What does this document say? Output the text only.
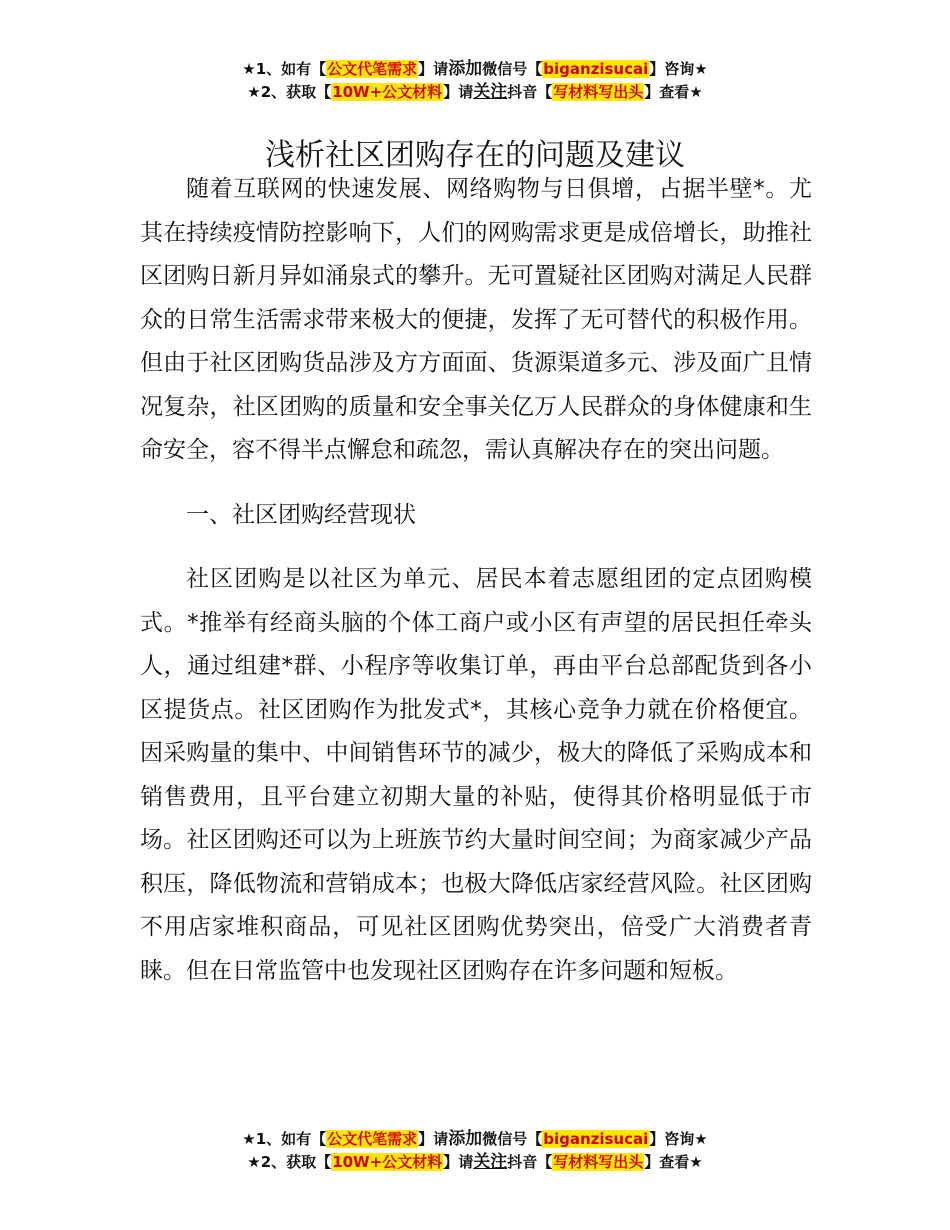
★1、如有【公文代笔需求】请添加微信号【biganzisucai】咨询★
★2、获取【10W+公文材料】请关注抖音【写材料写出头】查看★
浅析社区团购存在的问题及建议

随着互联网的快速发展、网络购物与日俱增，占据半壁*。尤其在持续疫情防控影响下，人们的网购需求更是成倍增长，助推社区团购日新月异如涌泉式的攀升。无可置疑社区团购对满足人民群众的日常生活需求带来极大的便捷，发挥了无可替代的积极作用。但由于社区团购货品涉及方方面面、货源渠道多元、涉及面广且情况复杂，社区团购的质量和安全事关亿万人民群众的身体健康和生命安全，容不得半点懈怠和疏忽，需认真解决存在的突出问题。

一、社区团购经营现状

社区团购是以社区为单元、居民本着志愿组团的定点团购模式。*推举有经商头脑的个体工商户或小区有声望的居民担任牵头人，通过组建*群、小程序等收集订单，再由平台总部配货到各小区提货点。社区团购作为批发式*，其核心竞争力就在价格便宜。因采购量的集中、中间销售环节的减少，极大的降低了采购成本和销售费用，且平台建立初期大量的补贴，使得其价格明显低于市场。社区团购还可以为上班族节约大量时间空间；为商家减少产品积压，降低物流和营销成本；也极大降低店家经营风险。社区团购不用店家堆积商品，可见社区团购优势突出，倍受广大消费者青睐。但在日常监管中也发现社区团购存在许多问题和短板。

★1、如有【公文代笔需求】请添加微信号【biganzisucai】咨询★
★2、获取【10W+公文材料】请关注抖音【写材料写出头】查看★
